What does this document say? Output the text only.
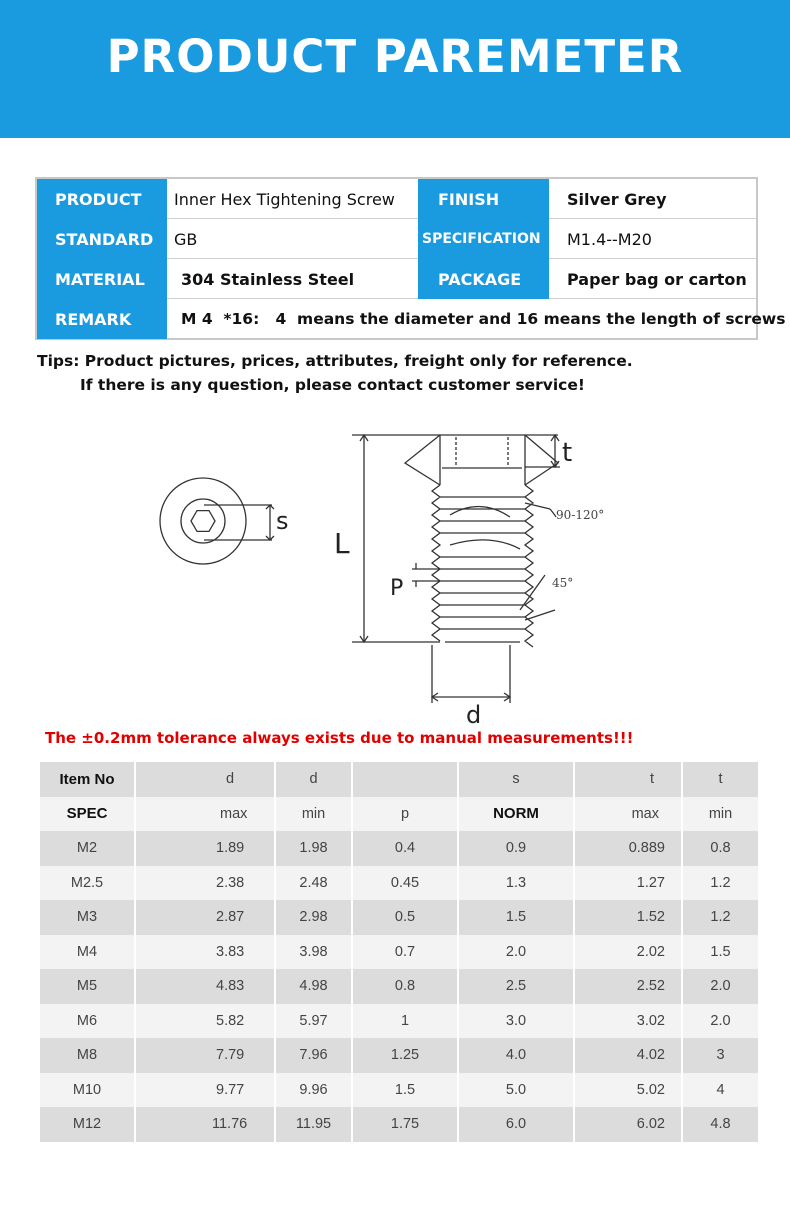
PRODUCT PAREMETER
PRODUCT	Inner Hex Tightening Screw	FINISH	Silver Grey
STANDARD	GB	SPECIFICATION	M1.4--M20
MATERIAL	304 Stainless Steel	PACKAGE	Paper bag or carton
REMARK	M 4  *16:   4  means the diameter and 16 means the length of screws
Tips: Product pictures, prices, attributes, freight only for reference.
If there is any question, please contact customer service!
s
L
t
P
d
90-120°
45°
The ±0.2mm tolerance always exists due to manual measurements!!!
Item No	d	d		s	t	t
SPEC	max	min	p	NORM	max	min
M2	1.89	1.98	0.4	0.9	0.889	0.8
M2.5	2.38	2.48	0.45	1.3	1.27	1.2
M3	2.87	2.98	0.5	1.5	1.52	1.2
M4	3.83	3.98	0.7	2.0	2.02	1.5
M5	4.83	4.98	0.8	2.5	2.52	2.0
M6	5.82	5.97	1	3.0	3.02	2.0
M8	7.79	7.96	1.25	4.0	4.02	3
M10	9.77	9.96	1.5	5.0	5.02	4
M12	11.76	11.95	1.75	6.0	6.02	4.8
